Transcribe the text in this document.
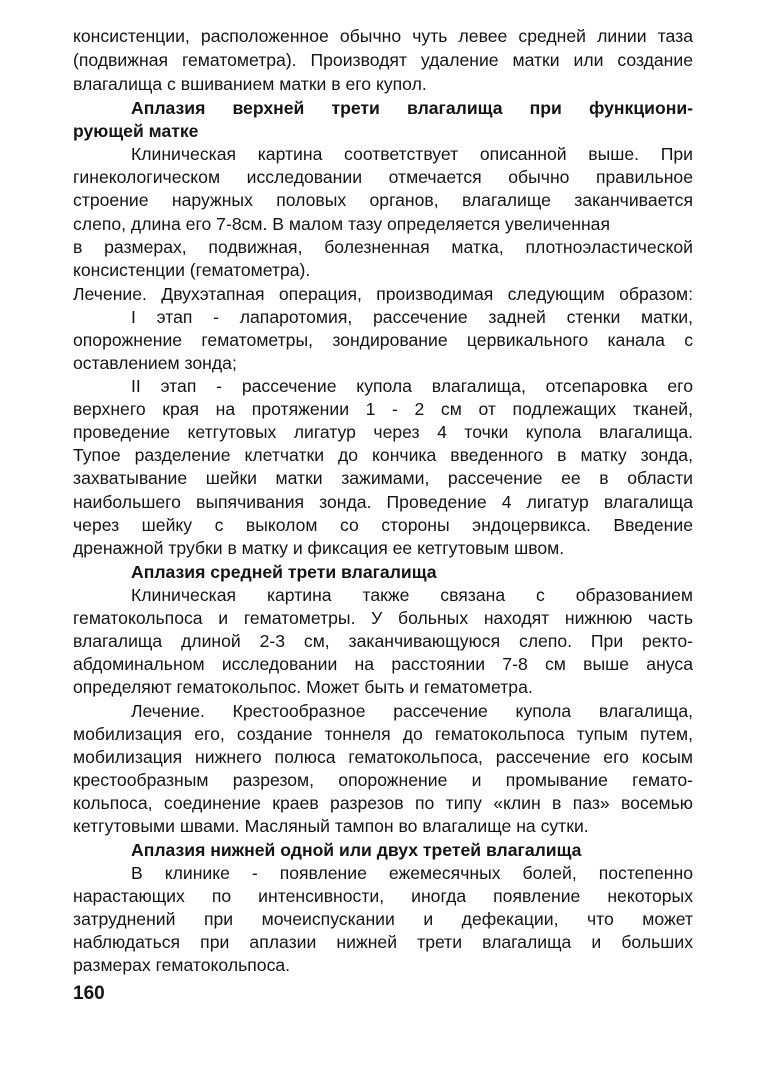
консистенции, расположенное обычно чуть левее средней линии таза

(подвижная гематометра). Производят удаление матки или создание

влагалища с вшиванием матки в его купол.

Аплазия верхней трети влагалища при функциони-

рующей матке

Клиническая картина соответствует описанной выше. При

гинекологическом исследовании отмечается обычно правильное

строение наружных половых органов, влагалище заканчивается

слепо, длина его 7-8см. В малом тазу определяется увеличенная

в размерах, подвижная, болезненная матка, плотноэластической

консистенции (гематометра).

Лечение. Двухэтапная операция, производимая следующим образом:

I этап - лапаротомия, рассечение задней стенки матки,

опорожнение гематометры, зондирование цервикального канала с

оставлением зонда;

II этап - рассечение купола влагалища, отсепаровка его

верхнего края на протяжении 1 - 2 см от подлежащих тканей,

проведение кетгутовых лигатур через 4 точки купола влагалища.

Тупое разделение клетчатки до кончика введенного в матку зонда,

захватывание шейки матки зажимами, рассечение ее в области

наибольшего выпячивания зонда. Проведение 4 лигатур влагалища

через шейку с выколом со стороны эндоцервикса. Введение

дренажной трубки в матку и фиксация ее кетгутовым швом.

Аплазия средней трети влагалища

Клиническая картина также связана с образованием

гематокольпоса и гематометры. У больных находят нижнюю часть

влагалища длиной 2-3 см, заканчивающуюся слепо. При ректо-

абдоминальном исследовании на расстоянии 7-8 см выше ануса

определяют гематокольпос. Может быть и гематометра.

Лечение. Крестообразное рассечение купола влагалища,

мобилизация его, создание тоннеля до гематокольпоса тупым путем,

мобилизация нижнего полюса гематокольпоса, рассечение его косым

крестообразным разрезом, опорожнение и промывание гемато-

кольпоса, соединение краев разрезов по типу «клин в паз» восемью

кетгутовыми швами. Масляный тампон во влагалище на сутки.

Аплазия нижней одной или двух третей влагалища

В клинике - появление ежемесячных болей, постепенно

нарастающих по интенсивности, иногда появление некоторых

затруднений при мочеиспускании и дефекации, что может

наблюдаться при аплазии нижней трети влагалища и больших

размерах гематокольпоса.

160
